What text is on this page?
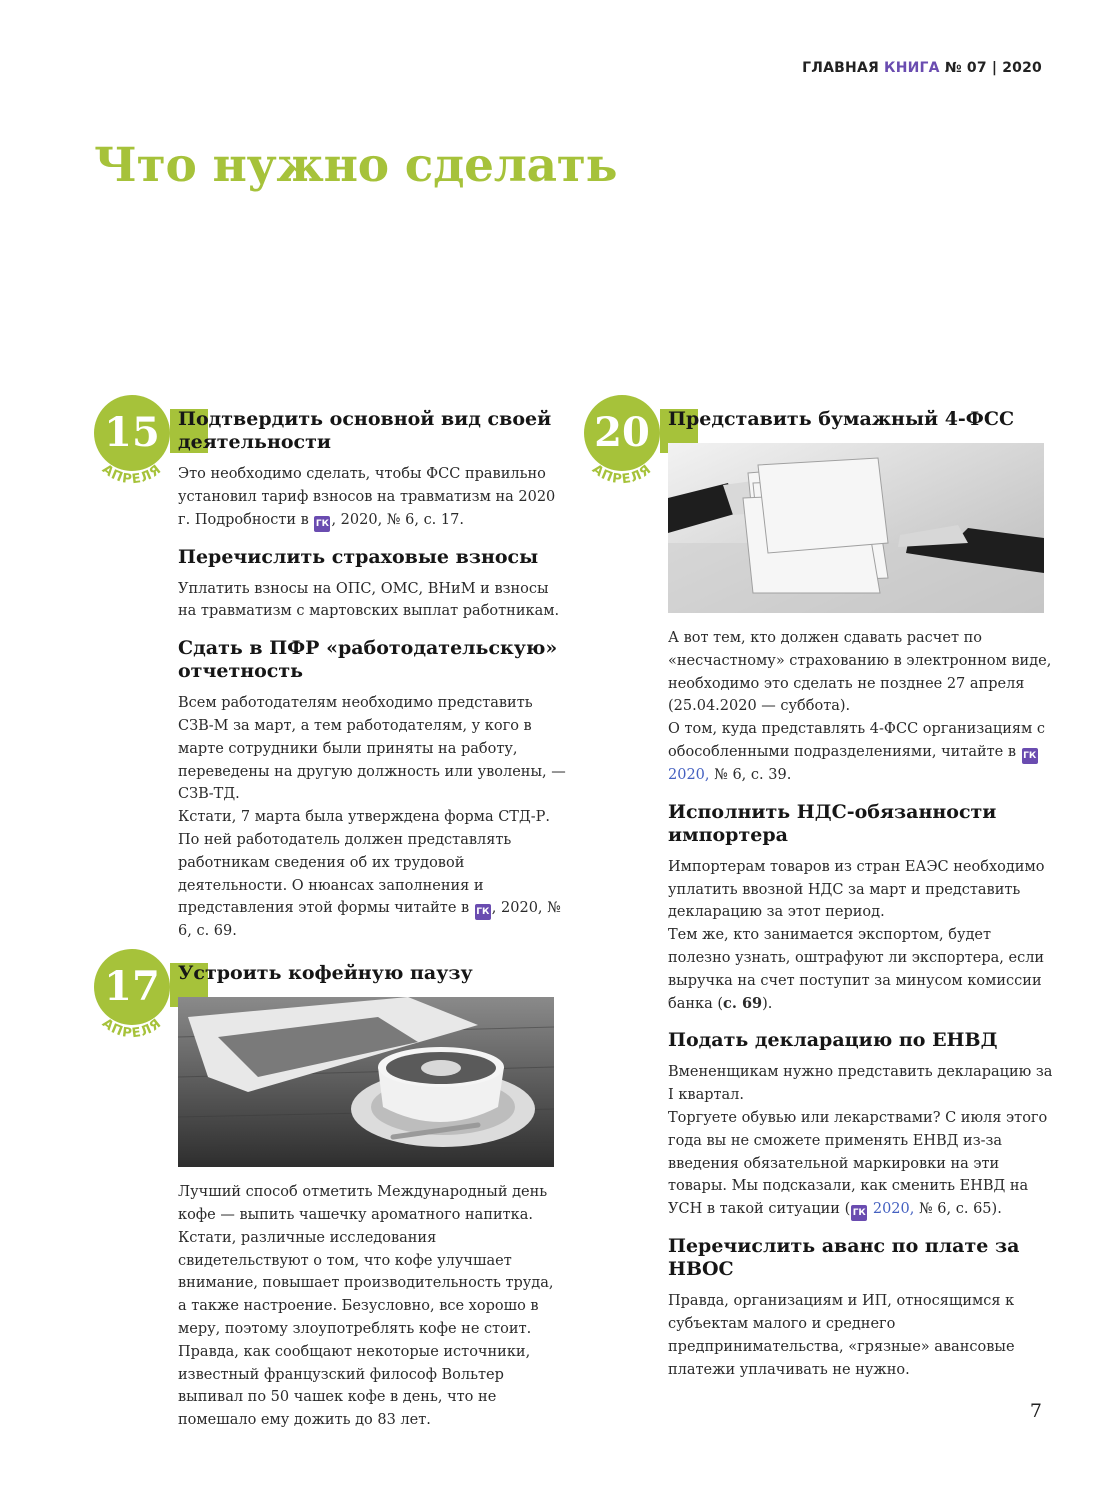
ГЛАВНАЯ КНИГА № 07 | 2020
Что нужно сделать
15
АПРЕЛЯ
Подтвердить основной вид своей деятельности

Это необходимо сделать, чтобы ФСС правильно установил тариф взносов на травматизм на 2020 г. Подробности в ГК , 2020, № 6, с. 17.

Перечислить страховые взносы

Уплатить взносы на ОПС, ОМС, ВНиМ и взносы на травматизм с мартовских выплат работникам.

Сдать в ПФР «работодательскую» отчетность

Всем работодателям необходимо представить СЗВ-М за март, а тем работодателям, у кого в марте сотрудники были приняты на работу, переведены на другую должность или уволены, — СЗВ-ТД.

Кстати, 7 марта была утверждена форма СТД-Р. По ней работодатель должен представлять работникам сведения об их трудовой деятельности. О нюансах заполнения и представления этой формы читайте в ГК , 2020, № 6, с. 69.

17
АПРЕЛЯ
Устроить кофейную паузу

Лучший способ отметить Международный день кофе — выпить чашечку ароматного напитка. Кстати, различные исследования свидетельствуют о том, что кофе улучшает внимание, повышает производительность труда, а также настроение. Безусловно, все хорошо в меру, поэтому злоупотреблять кофе не стоит. Правда, как сообщают некоторые источники, известный французский философ Вольтер выпивал по 50 чашек кофе в день, что не помешало ему дожить до 83 лет.

20
АПРЕЛЯ
Представить бумажный 4-ФСС

А вот тем, кто должен сдавать расчет по «несчастному» страхованию в электронном виде, необходимо это сделать не позднее 27 апреля (25.04.2020 — суббота).

О том, куда представлять 4-ФСС организациям с обособленными подразделениями, читайте в ГК2020, № 6, с. 39.

Исполнить НДС-обязанности импортера

Импортерам товаров из стран ЕАЭС необходимо уплатить ввозной НДС за март и представить декларацию за этот период.

Тем же, кто занимается экспортом, будет полезно узнать, оштрафуют ли экспортера, если выручка на счет поступит за минусом комиссии банка (с. 69).

Подать декларацию по ЕНВД

Вмененщикам нужно представить декларацию за I квартал.

Торгуете обувью или лекарствами? С июля этого года вы не сможете применять ЕНВД из-за введения обязательной маркировки на эти товары. Мы подсказали, как сменить ЕНВД на УСН в такой ситуации ( ГК 2020, № 6, с. 65).

Перечислить аванс по плате за НВОС

Правда, организациям и ИП, относящимся к субъектам малого и среднего предпринимательства, «грязные» авансовые платежи уплачивать не нужно.

7
